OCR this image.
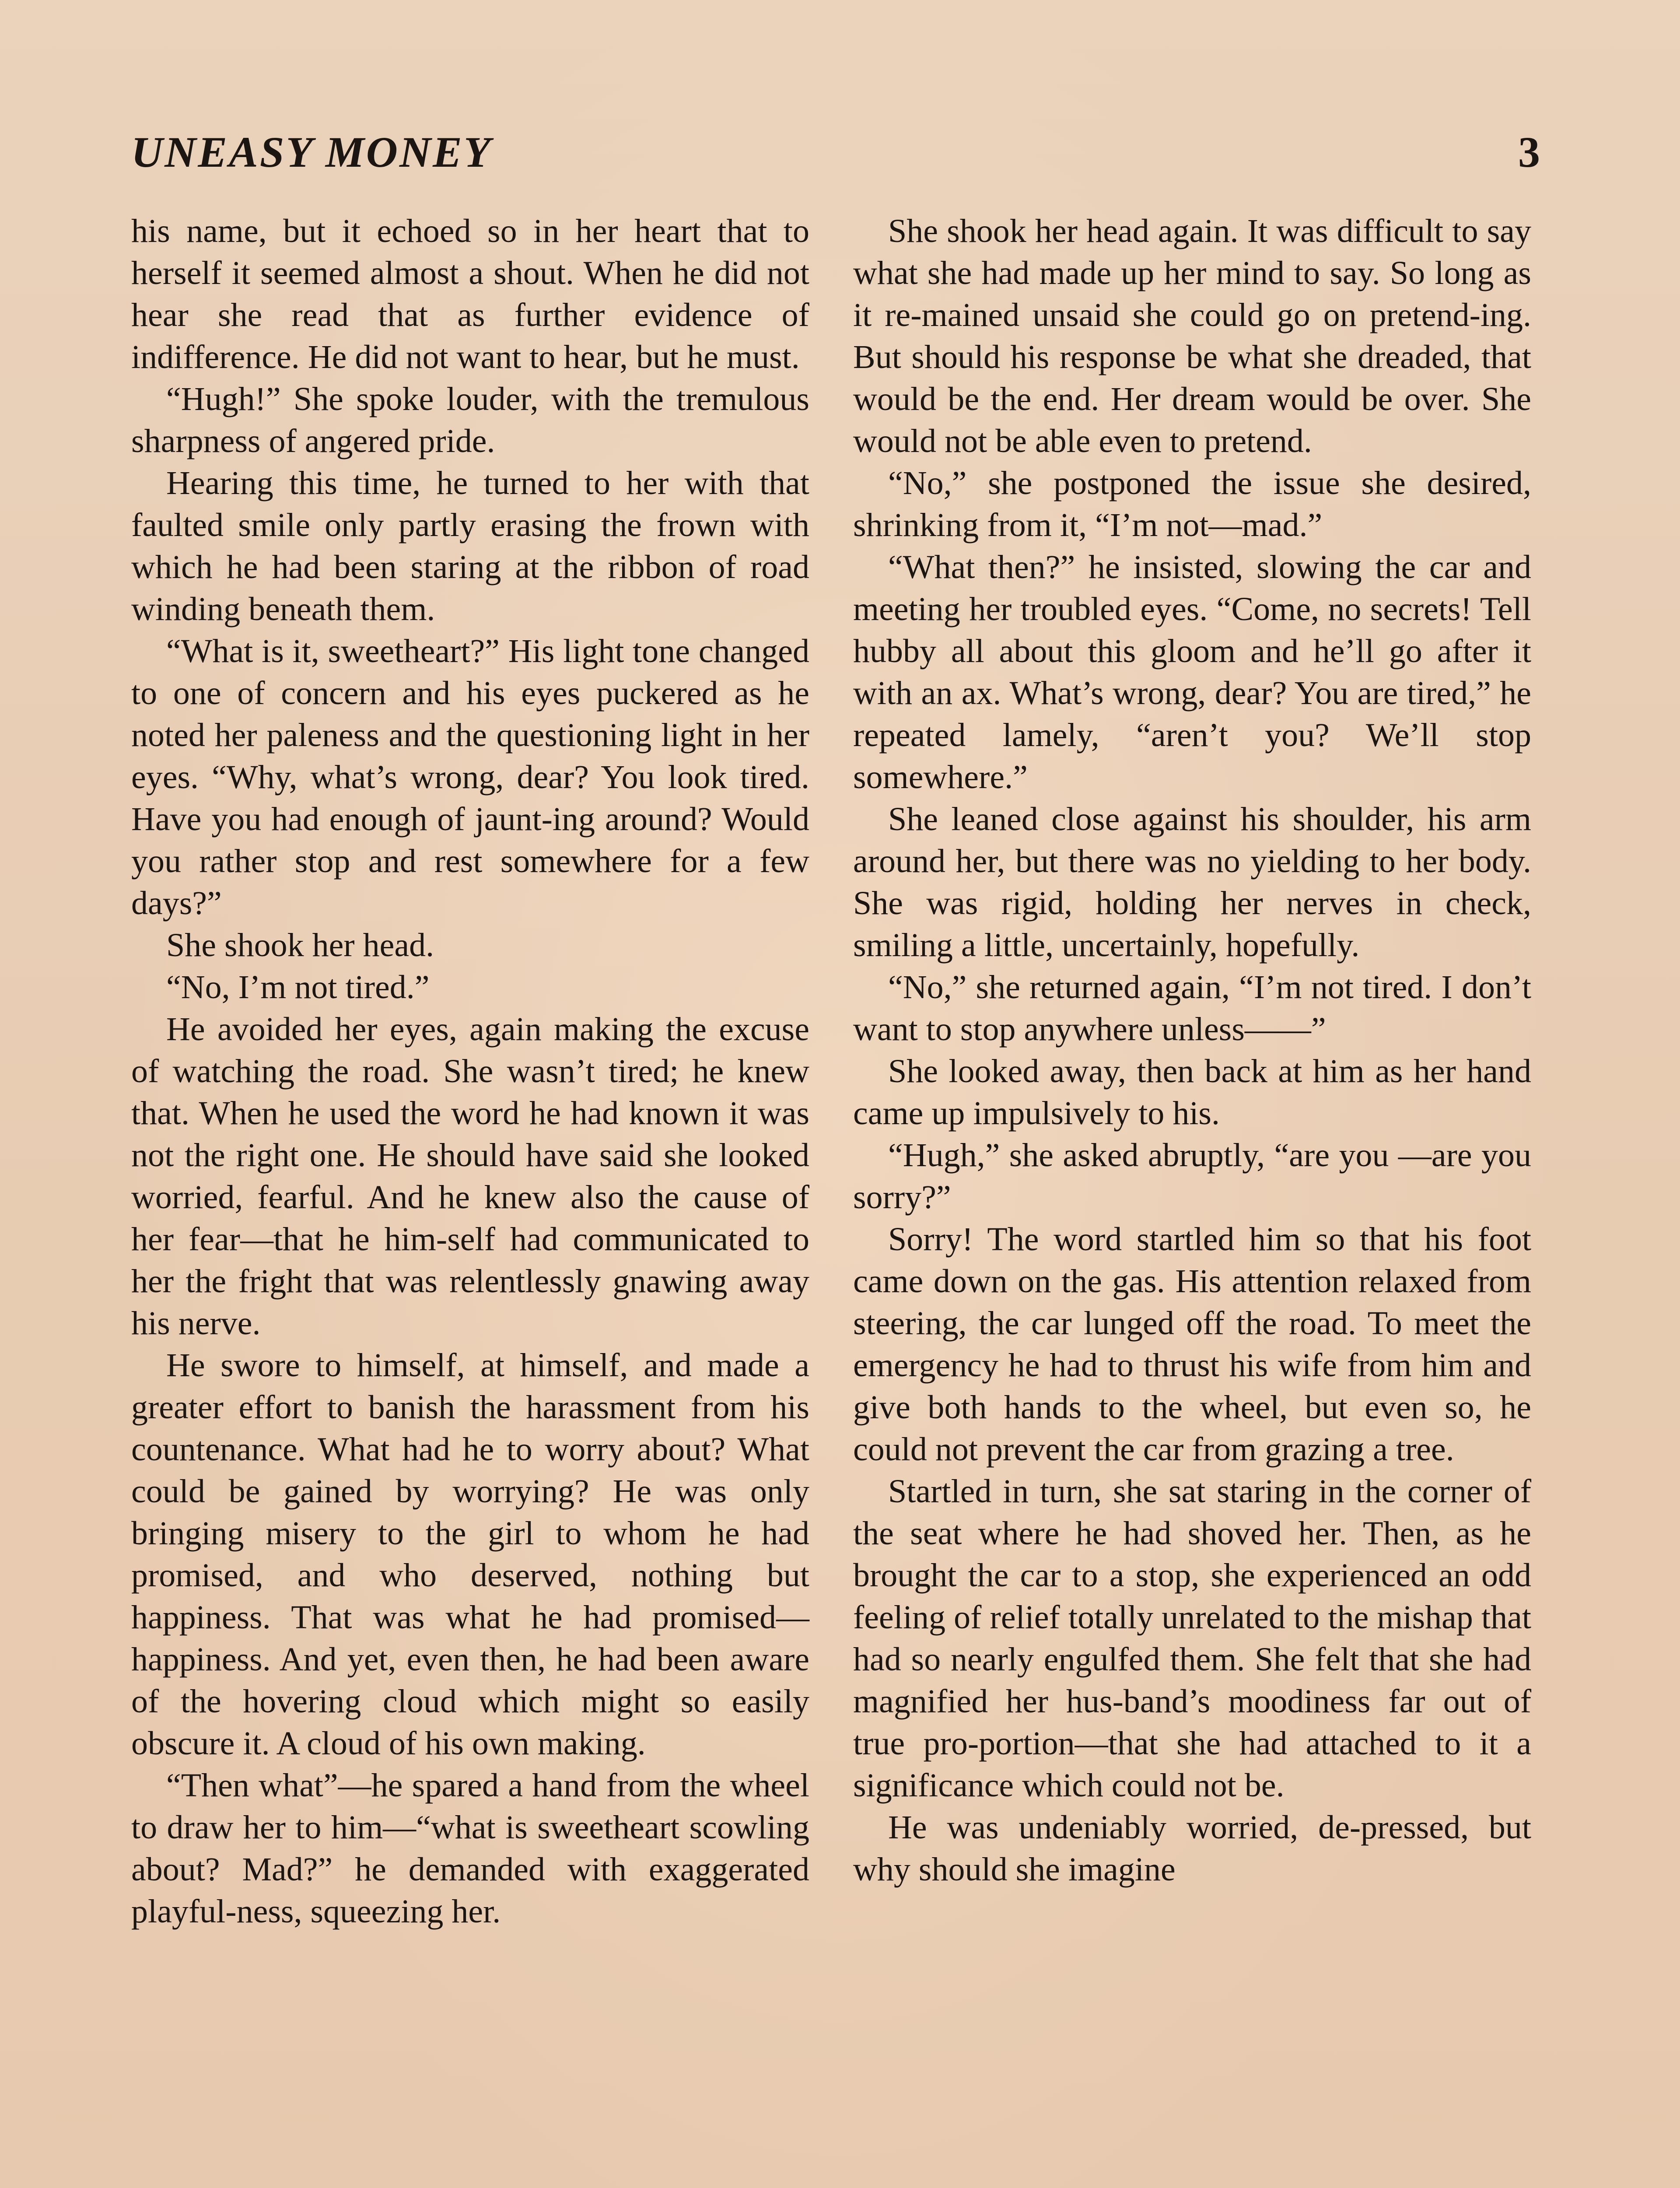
UNEASY MONEY	3

his name, but it echoed so in her heart that to herself it seemed almost a shout. When he did not hear she read that as further evidence of indifference. He did not want to hear, but he must.

“Hugh!” She spoke louder, with the tremulous sharpness of angered pride.

Hearing this time, he turned to her with that faulted smile only partly erasing the frown with which he had been staring at the ribbon of road winding beneath them.

“What is it, sweetheart?” His light tone changed to one of concern and his eyes puckered as he noted her paleness and the questioning light in her eyes. “Why, what’s wrong, dear? You look tired. Have you had enough of jaunt-ing around? Would you rather stop and rest somewhere for a few days?”

She shook her head.

“No, I’m not tired.”

He avoided her eyes, again making the excuse of watching the road. She wasn’t tired; he knew that. When he used the word he had known it was not the right one. He should have said she looked worried, fearful. And he knew also the cause of her fear—that he him-self had communicated to her the fright that was relentlessly gnawing away his nerve.

He swore to himself, at himself, and made a greater effort to banish the harassment from his countenance. What had he to worry about? What could be gained by worrying? He was only bringing misery to the girl to whom he had promised, and who deserved, nothing but happiness. That was what he had promised—happiness. And yet, even then, he had been aware of the hovering cloud which might so easily obscure it. A cloud of his own making.

“Then what”—he spared a hand from the wheel to draw her to him—“what is sweetheart scowling about? Mad?” he demanded with exaggerated playful-ness, squeezing her.

She shook her head again. It was difficult to say what she had made up her mind to say. So long as it re-mained unsaid she could go on pretend-ing. But should his response be what she dreaded, that would be the end. Her dream would be over. She would not be able even to pretend.

“No,” she postponed the issue she desired, shrinking from it, “I’m not—mad.”

“What then?” he insisted, slowing the car and meeting her troubled eyes. “Come, no secrets! Tell hubby all about this gloom and he’ll go after it with an ax. What’s wrong, dear? You are tired,” he repeated lamely, “aren’t you? We’ll stop somewhere.”

She leaned close against his shoulder, his arm around her, but there was no yielding to her body. She was rigid, holding her nerves in check, smiling a little, uncertainly, hopefully.

“No,” she returned again, “I’m not tired. I don’t want to stop anywhere unless——”

She looked away, then back at him as her hand came up impulsively to his.

“Hugh,” she asked abruptly, “are you —are you sorry?”

Sorry! The word startled him so that his foot came down on the gas. His attention relaxed from steering, the car lunged off the road. To meet the emergency he had to thrust his wife from him and give both hands to the wheel, but even so, he could not prevent the car from grazing a tree.

Startled in turn, she sat staring in the corner of the seat where he had shoved her. Then, as he brought the car to a stop, she experienced an odd feeling of relief totally unrelated to the mishap that had so nearly engulfed them. She felt that she had magnified her hus-band’s moodiness far out of true pro-portion—that she had attached to it a significance which could not be.

He was undeniably worried, de-pressed, but why should she imagine
